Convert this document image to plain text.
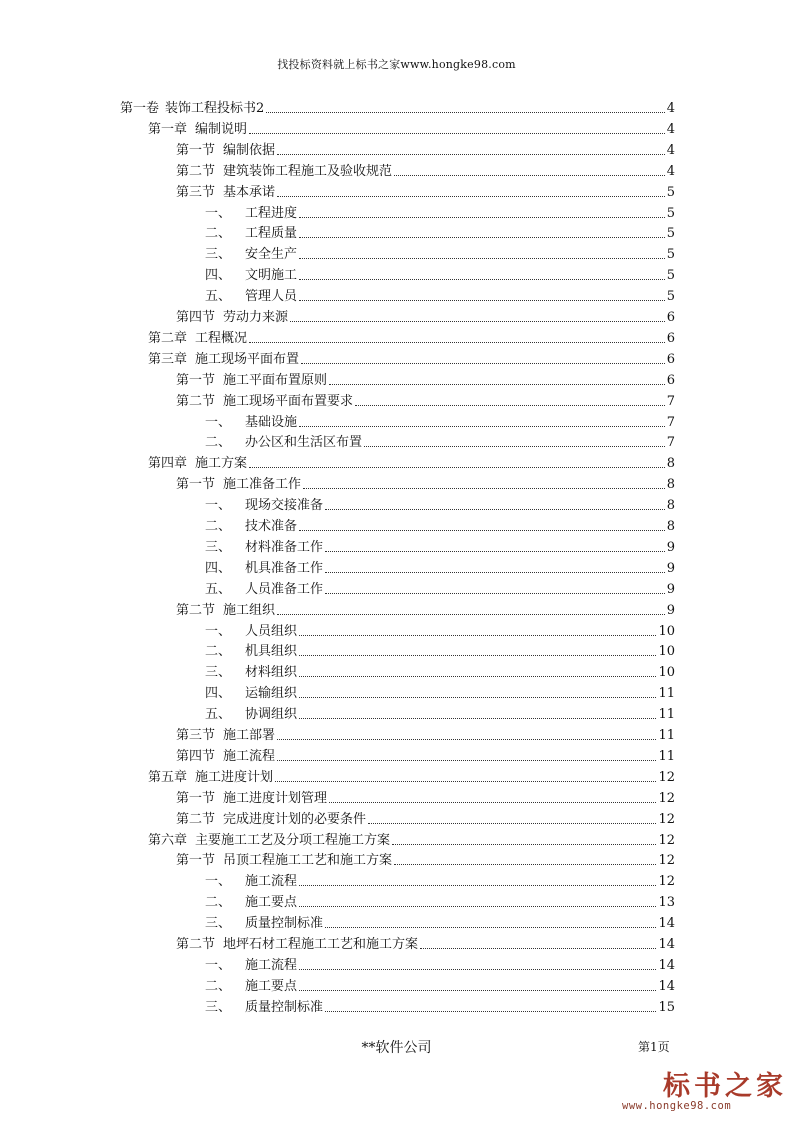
找投标资料就上标书之家www.hongke98.com
第一卷 装饰工程投标书2	4
第一章 编制说明	4
第一节 编制依据	4
第二节 建筑装饰工程施工及验收规范	4
第三节 基本承诺	5
一、 工程进度	5
二、 工程质量	5
三、 安全生产	5
四、 文明施工	5
五、 管理人员	5
第四节 劳动力来源	6
第二章 工程概况	6
第三章 施工现场平面布置	6
第一节 施工平面布置原则	6
第二节 施工现场平面布置要求	7
一、 基础设施	7
二、 办公区和生活区布置	7
第四章 施工方案	8
第一节 施工准备工作	8
一、 现场交接准备	8
二、 技术准备	8
三、 材料准备工作	9
四、 机具准备工作	9
五、 人员准备工作	9
第二节 施工组织	9
一、 人员组织	10
二、 机具组织	10
三、 材料组织	10
四、 运输组织	11
五、 协调组织	11
第三节 施工部署	11
第四节 施工流程	11
第五章 施工进度计划	12
第一节 施工进度计划管理	12
第二节 完成进度计划的必要条件	12
第六章 主要施工工艺及分项工程施工方案	12
第一节 吊顶工程施工工艺和施工方案	12
一、 施工流程	12
二、 施工要点	13
三、 质量控制标准	14
第二节 地坪石材工程施工工艺和施工方案	14
一、 施工流程	14
二、 施工要点	14
三、 质量控制标准	15
**软件公司	第1页
标书之家
www.hongke98.com
